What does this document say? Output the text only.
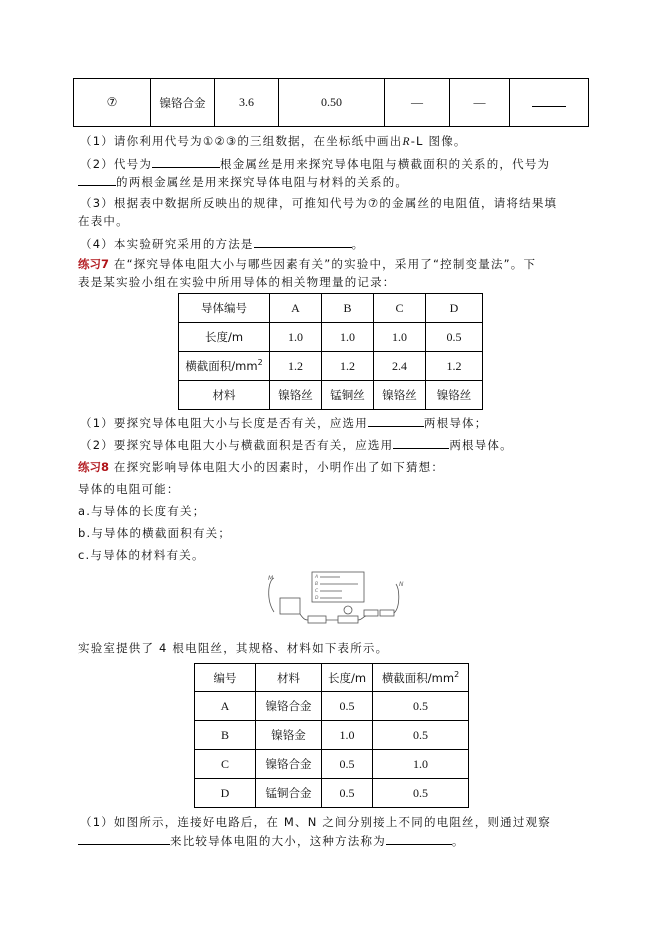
⑦	镍铬合金	3.6	0.50	—	—	
（1）请你利用代号为①②③的三组数据，在坐标纸中画出R-L 图像。
（2）代号为	根金属丝是用来探究导体电阻与横截面积的关系的，代号为
的两根金属丝是用来探究导体电阻与材料的关系的。
（3）根据表中数据所反映出的规律，可推知代号为⑦的金属丝的电阻值，请将结果填
在表中。
（4）本实验研究采用的方法是	。
练习7 在“探究导体电阻大小与哪些因素有关”的实验中，采用了“控制变量法”。下
表是某实验小组在实验中所用导体的相关物理量的记录：
导体编号	A	B	C	D
长度/m	1.0	1.0	1.0	0.5
横截面积$/mm^2$	1.2	1.2	2.4	1.2
材料	镍铬丝	锰铜丝	镍铬丝	镍铬丝
（1）要探究导体电阻大小与长度是否有关，应选用	两根导体；
（2）要探究导体电阻大小与横截面积是否有关，应选用	两根导体。
练习8 在探究影响导体电阻大小的因素时，小明作出了如下猜想：
导体的电阻可能：
a.与导体的长度有关；
b.与导体的横截面积有关；
c.与导体的材料有关。
M
N
A
B
C
D
实验室提供了 4 根电阻丝，其规格、材料如下表所示。
编号	材料	长度/m	横截面积$/mm^2$
A	镍铬合金	0.5	0.5
B	镍铬金	1.0	0.5
C	镍铬合金	0.5	1.0
D	锰铜合金	0.5	0.5
（1）如图所示，连接好电路后，在 M、N 之间分别接上不同的电阻丝，则通过观察
来比较导体电阻的大小，这种方法称为	。
